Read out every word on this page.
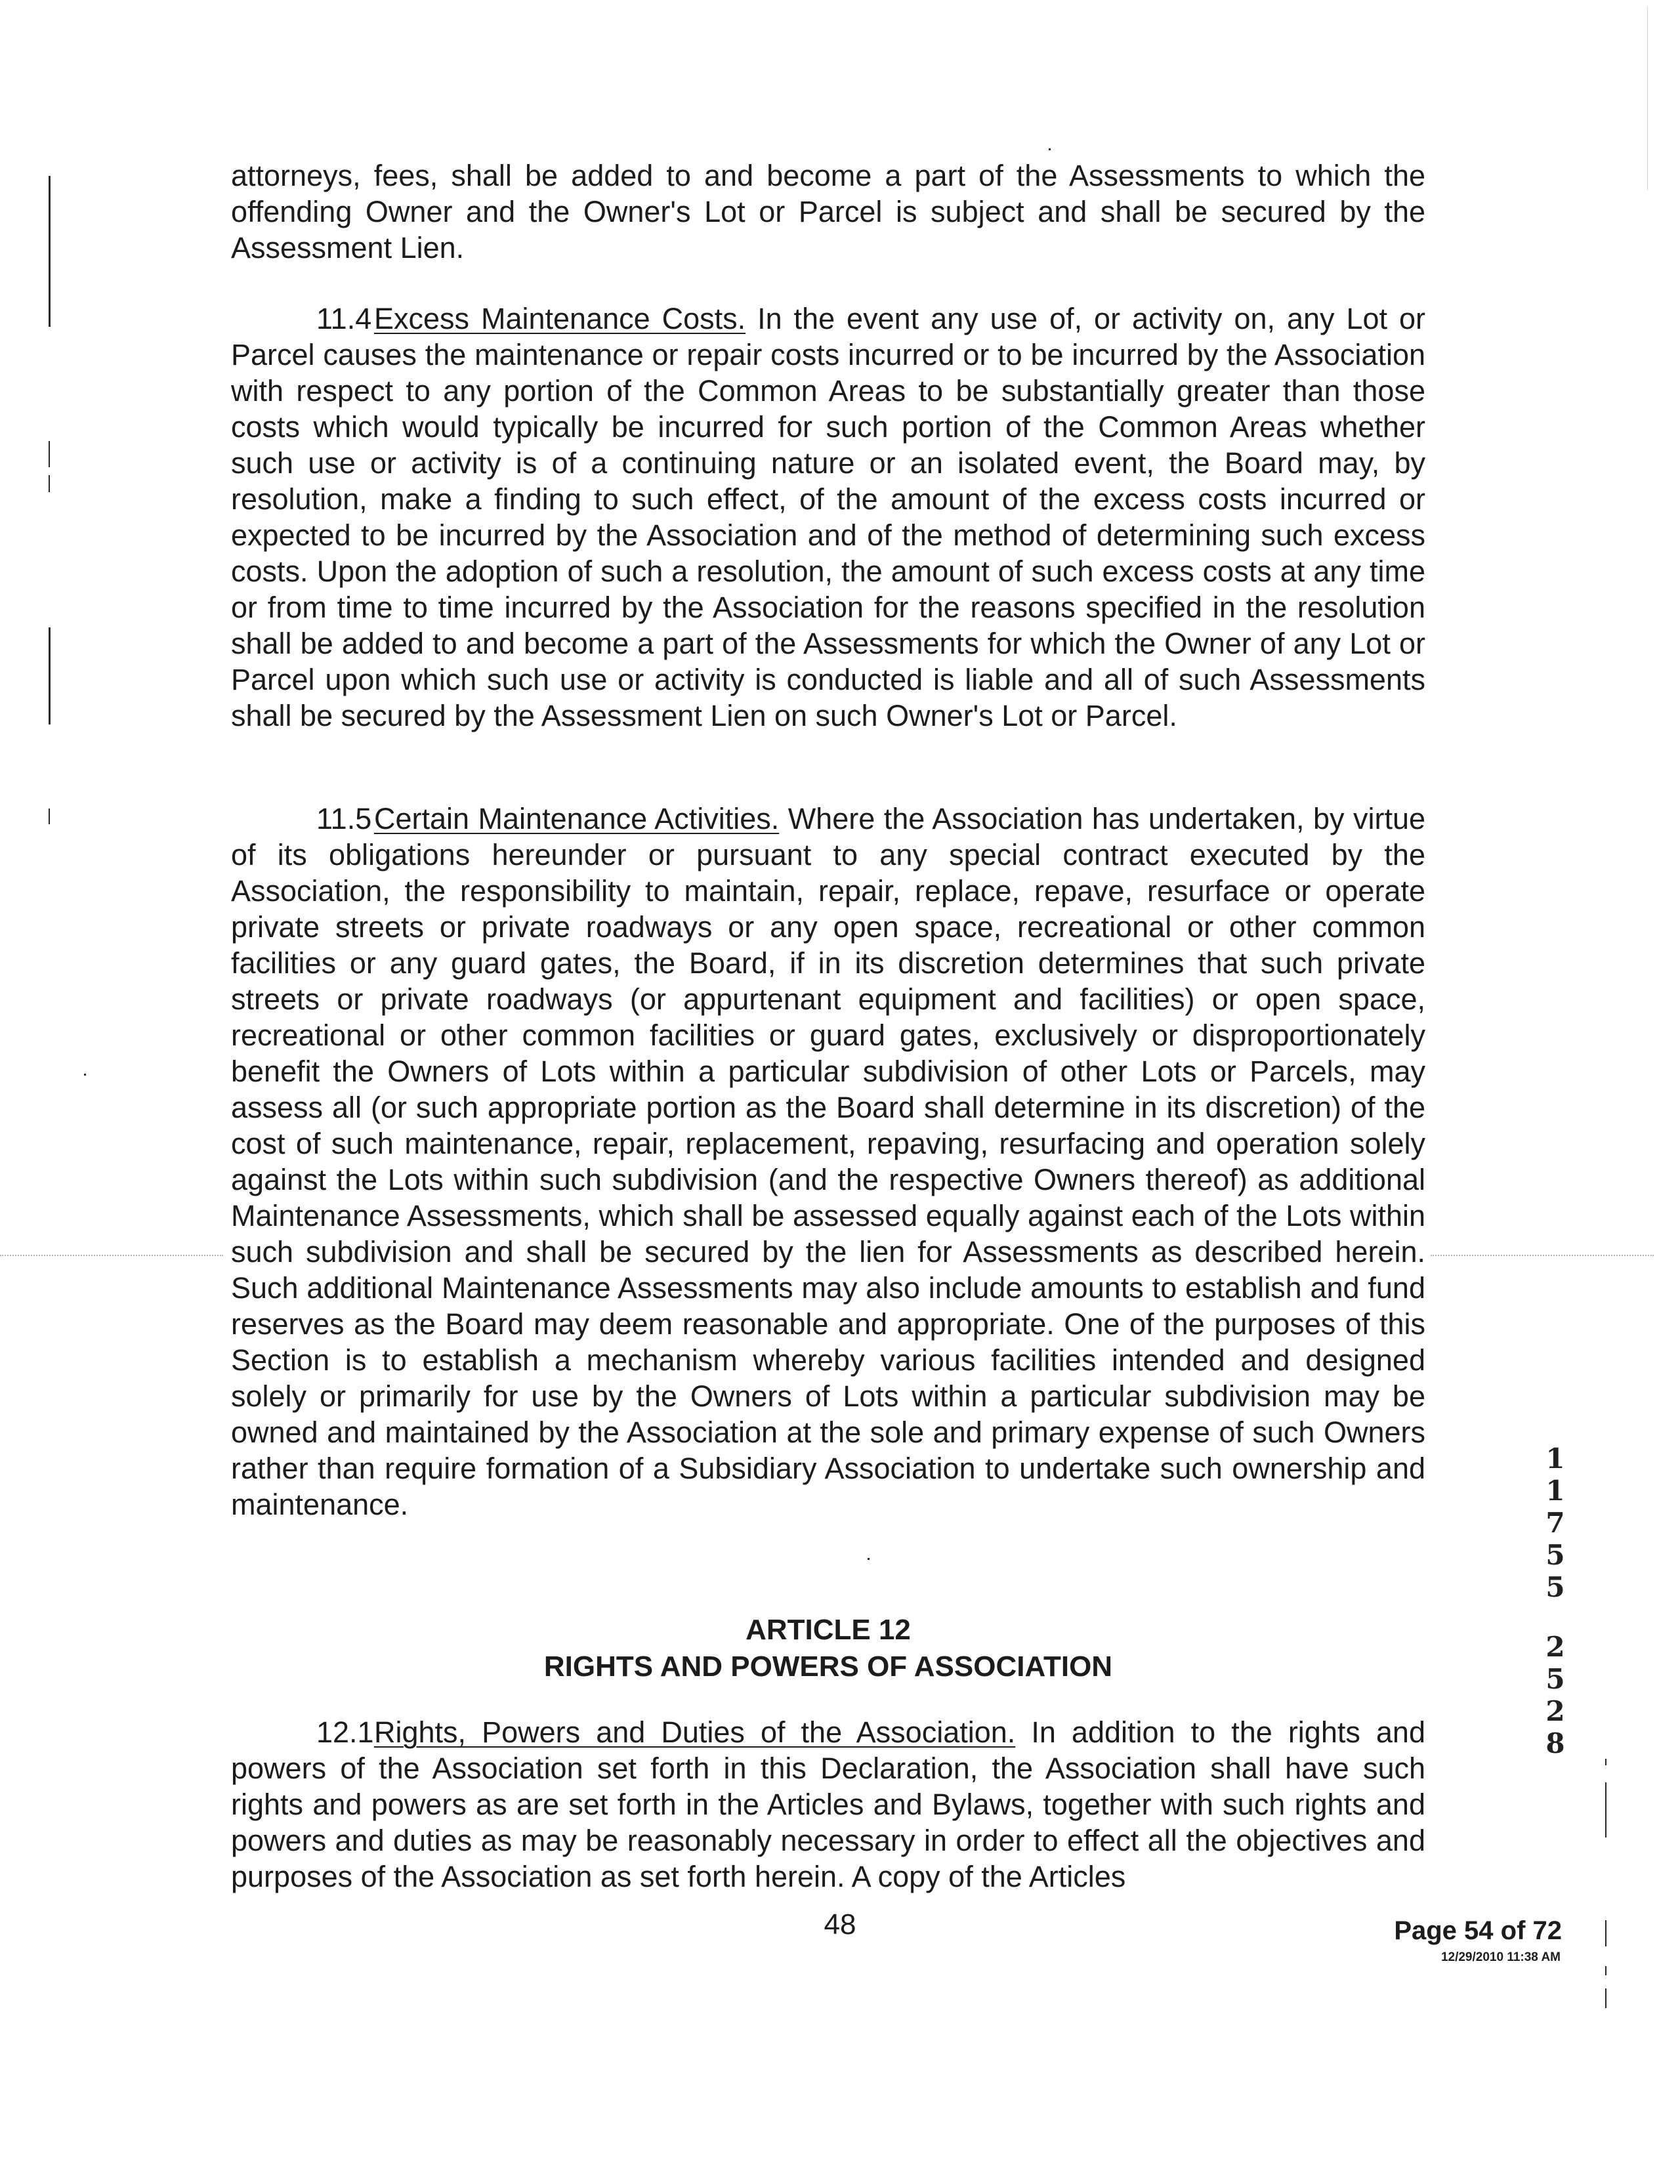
attorneys, fees, shall be added to and become a part of the Assessments to which the offending Owner and the Owner's Lot or Parcel is subject and shall be secured by the Assessment Lien.

11.4Excess Maintenance Costs. In the event any use of, or activity on, any Lot or Parcel causes the maintenance or repair costs incurred or to be incurred by the Association with respect to any portion of the Common Areas to be substantially greater than those costs which would typically be incurred for such portion of the Common Areas whether such use or activity is of a continuing nature or an isolated event, the Board may, by resolution, make a finding to such effect, of the amount of the excess costs incurred or expected to be incurred by the Association and of the method of determining such excess costs. Upon the adoption of such a resolution, the amount of such excess costs at any time or from time to time incurred by the Association for the reasons specified in the resolution shall be added to and become a part of the Assessments for which the Owner of any Lot or Parcel upon which such use or activity is conducted is liable and all of such Assessments shall be secured by the Assessment Lien on such Owner's Lot or Parcel.

11.5Certain Maintenance Activities. Where the Association has undertaken, by virtue of its obligations hereunder or pursuant to any special contract executed by the Association, the responsibility to maintain, repair, replace, repave, resurface or operate private streets or private roadways or any open space, recreational or other common facilities or any guard gates, the Board, if in its discretion determines that such private streets or private roadways (or appurtenant equipment and facilities) or open space, recreational or other common facilities or guard gates, exclusively or disproportionately benefit the Owners of Lots within a particular subdivision of other Lots or Parcels, may assess all (or such appropriate portion as the Board shall determine in its discretion) of the cost of such maintenance, repair, replacement, repaving, resurfacing and operation solely against the Lots within such subdivision (and the respective Owners thereof) as additional Maintenance Assessments, which shall be assessed equally against each of the Lots within such subdivision and shall be secured by the lien for Assessments as described herein. Such additional Maintenance Assessments may also include amounts to establish and fund reserves as the Board may deem reasonable and appropriate. One of the purposes of this Section is to establish a mechanism whereby various facilities intended and designed solely or primarily for use by the Owners of Lots within a particular subdivision may be owned and maintained by the Association at the sole and primary expense of such Owners rather than require formation of a Subsidiary Association to undertake such ownership and maintenance.

ARTICLE 12
RIGHTS AND POWERS OF ASSOCIATION

12.1Rights, Powers and Duties of the Association. In addition to the rights and powers of the Association set forth in this Declaration, the Association shall have such rights and powers as are set forth in the Articles and Bylaws, together with such rights and powers and duties as may be reasonably necessary in order to effect all the objectives and purposes of the Association as set forth herein. A copy of the Articles

48	Page 54 of 72
12/29/2010 11:38 AM
1
1
7
5
5
2
5
2
8
